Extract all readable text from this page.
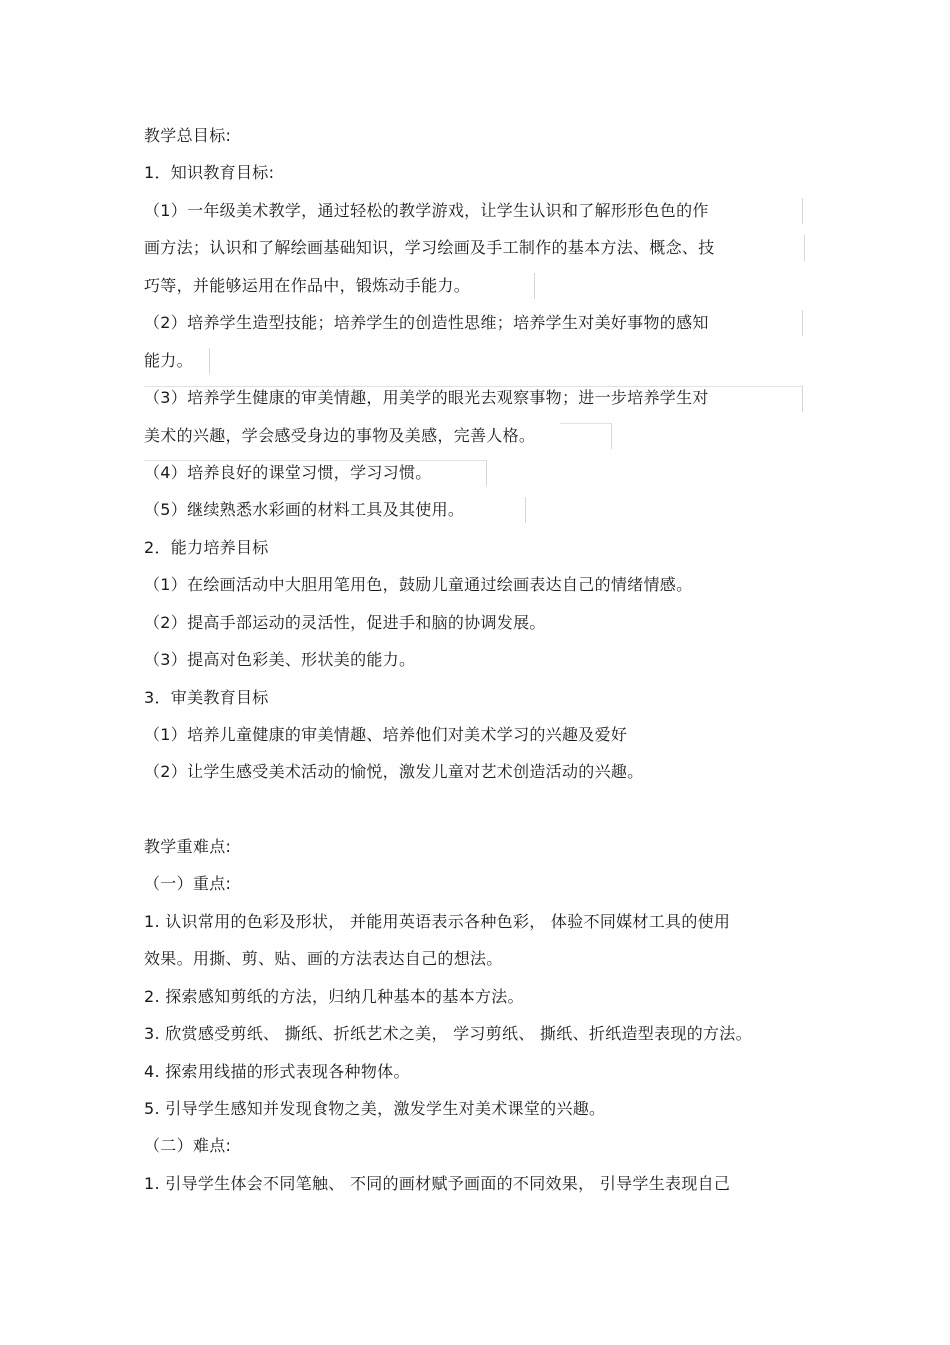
教学总目标:
1．知识教育目标:
（1）一年级美术教学，通过轻松的教学游戏，让学生认识和了解形形色色的作
画方法；认识和了解绘画基础知识，学习绘画及手工制作的基本方法、概念、技
巧等，并能够运用在作品中，锻炼动手能力。
（2）培养学生造型技能；培养学生的创造性思维；培养学生对美好事物的感知
能力。
（3）培养学生健康的审美情趣，用美学的眼光去观察事物；进一步培养学生对
美术的兴趣，学会感受身边的事物及美感，完善人格。
（4）培养良好的课堂习惯，学习习惯。
（5）继续熟悉水彩画的材料工具及其使用。
2．能力培养目标
（1）在绘画活动中大胆用笔用色，鼓励儿童通过绘画表达自己的情绪情感。
（2）提高手部运动的灵活性，促进手和脑的协调发展。
（3）提高对色彩美、形状美的能力。
3．审美教育目标
（1）培养儿童健康的审美情趣、培养他们对美术学习的兴趣及爱好
（2）让学生感受美术活动的愉悦，激发儿童对艺术创造活动的兴趣。
教学重难点:
（一）重点:
1. 认识常用的色彩及形状， 并能用英语表示各种色彩， 体验不同媒材工具的使用
效果。用撕、剪、贴、画的方法表达自己的想法。
2. 探索感知剪纸的方法，归纳几种基本的基本方法。
3. 欣赏感受剪纸、 撕纸、折纸艺术之美， 学习剪纸、 撕纸、折纸造型表现的方法。
4. 探索用线描的形式表现各种物体。
5. 引导学生感知并发现食物之美，激发学生对美术课堂的兴趣。
（二）难点:
1. 引导学生体会不同笔触、 不同的画材赋予画面的不同效果， 引导学生表现自己
